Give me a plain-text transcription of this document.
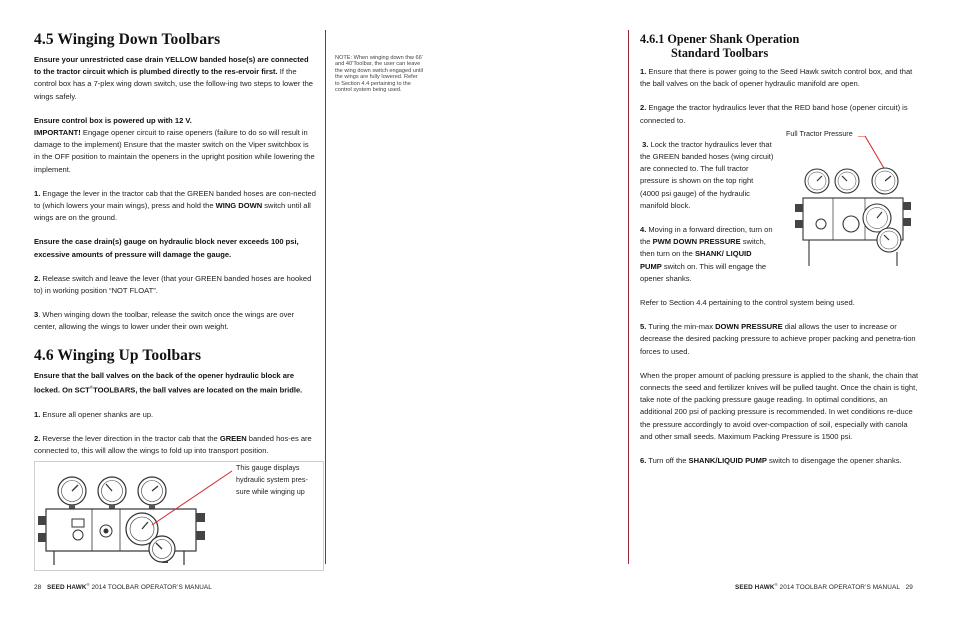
4.5 Winging Down Toolbars
Ensure your unrestricted case drain YELLOW banded hose(s) are connected to the tractor circuit which is plumbed directly to the res-ervoir first. If the control box has a 7-plex wing down switch, use the follow-ing two steps to lower the wings safely.
Ensure control box is powered up with 12 V.
IMPORTANT! Engage opener circuit to raise openers (failure to do so will result in damage to the implement) Ensure that the master switch on the Viper switchbox is in the OFF position to maintain the openers in the upright position while lowering the implement.
1. Engage the lever in the tractor cab that the GREEN banded hoses are con-nected to (which lowers your main wings), press and hold the WING DOWN switch until all wings are on the ground.
Ensure the case drain(s) gauge on hydraulic block never exceeds 100 psi, excessive amounts of pressure will damage the gauge.
2. Release switch and leave the lever (that your GREEN banded hoses are hooked to) in working position “NOT FLOAT”.
3. When winging down the toolbar, release the switch once the wings are over center, allowing the wings to lower under their own weight.
4.6 Winging Up Toolbars
Ensure that the ball valves on the back of the opener hydraulic block are locked. On SCT®TOOLBARS, the ball valves are located on the main bridle.
1. Ensure all opener shanks are up.
2. Reverse the lever direction in the tractor cab that the GREEN banded hos-es are connected to, this will allow the wings to fold up into transport position.
This gauge displays hydraulic system pres-sure while winging up
NOTE: When winging down thw 66’ and 40’Toolbar, the user can leave the wing down switch engaged until the wings are fully lowered. Refer to Section 4.4 pertaining to the control system being used.
4.6.1 Opener Shank Operation
Standard Toolbars
1. Ensure that there is power going to the Seed Hawk switch control box, and that the ball valves on the back of opener hydraulic manifold are open.
2. Engage the tractor hydraulics lever that the RED band hose (opener circuit) is connected to.
3. Lock the tractor hydraulics lever that the GREEN banded hoses (wing circuit) are connected to. The full tractor pressure is shown on the top right (4000 psi gauge) of the hydraulic manifold block.
4. Moving in a forward direction, turn on the PWM DOWN PRESSURE switch, then turn on the SHANK/ LIQUID PUMP switch on. This will engage the opener shanks.
Refer to Section 4.4 pertaining to the control system being used.
5. Turing the min-max DOWN PRESSURE dial allows the user to increase or decrease the desired packing pressure to achieve proper packing and penetra-tion forces to used.
When the proper amount of packing pressure is applied to the shank, the chain that connects the seed and fertilizer knives will be pulled taught. Once the chain is tight, take note of the packing pressure gauge reading. In optimal conditions, an additional 200 psi of packing pressure is recommended. In wet conditions re-duce the pressure accordingly to avoid over-compaction of soil, especially with canola and other small seeds. Maximum Packing Pressure is 1500 psi.
6. Turn off the SHANK/LIQUID PUMP switch to disengage the opener shanks.
Full Tractor Pressure
28 SEED HAWK® 2014 TOOLBAR OPERATOR’S MANUAL	SEED HAWK® 2014 TOOLBAR OPERATOR’S MANUAL 29
